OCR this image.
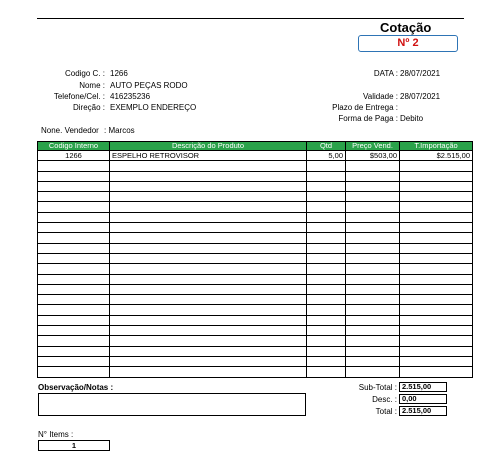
Cotação
Nº 2
Codigo C. : 1266
Nome : AUTO PEÇAS RODO
Telefone/Cel. : 416235236
Direção : EXEMPLO ENDEREÇO
None. Vendedor : Marcos
DATA : 28/07/2021
Validade : 28/07/2021
Plazo de Entrega :
Forma de Paga : Debito
Codigo Interno	Descrição do Produto	Qtd	Preço Vend.	T.Importação
1266	ESPELHO RETROVISOR	5,00	$503,00	$2.515,00

Observação/Notas :	Sub-Total : 2.515,00
Desc. : 0,00
Total : 2.515,00
N° Items :
1
